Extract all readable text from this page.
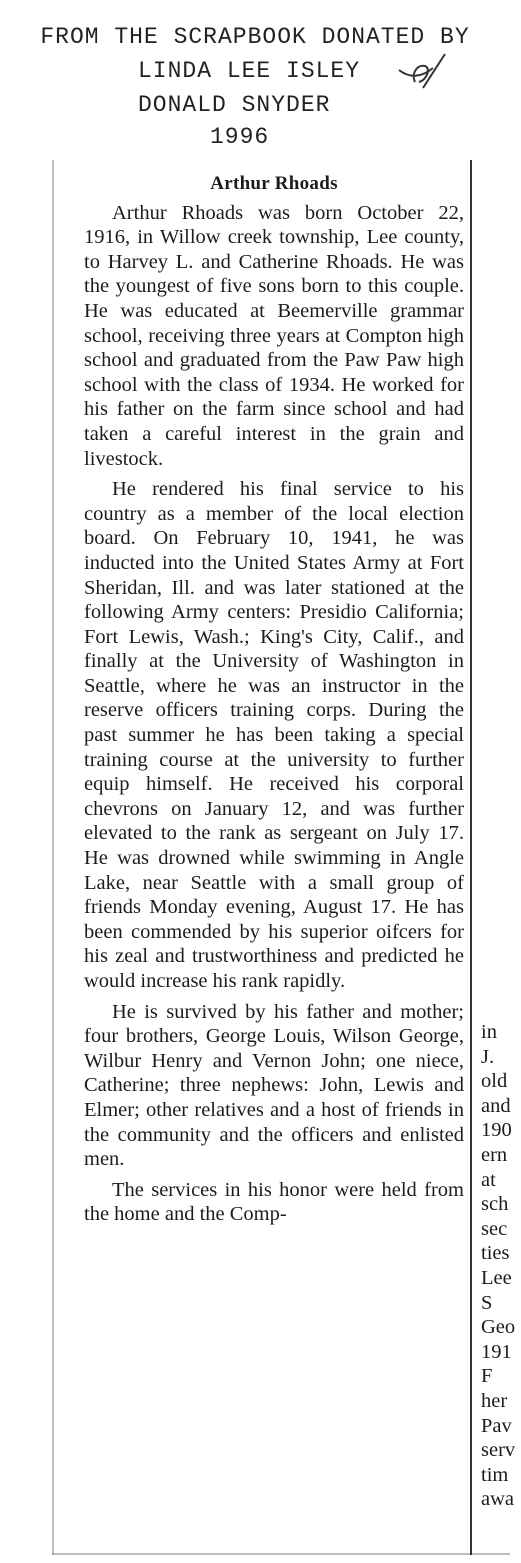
FROM THE SCRAPBOOK DONATED BY
LINDA LEE ISLEY
DONALD SNYDER
1996
Arthur Rhoads

Arthur Rhoads was born October 22, 1916, in Willow creek township, Lee county, to Harvey L. and Catherine Rhoads. He was the youngest of five sons born to this couple. He was educated at Beemerville grammar school, receiving three years at Compton high school and graduated from the Paw Paw high school with the class of 1934. He worked for his father on the farm since school and had taken a careful interest in the grain and livestock.

He rendered his final service to his country as a member of the local election board. On February 10, 1941, he was inducted into the United States Army at Fort Sheridan, Ill. and was later stationed at the following Army centers: Presidio California; Fort Lewis, Wash.; King's City, Calif., and finally at the University of Washington in Seattle, where he was an instructor in the reserve officers training corps. During the past summer he has been taking a special training course at the university to further equip himself. He received his corporal chevrons on January 12, and was further elevated to the rank as sergeant on July 17. He was drowned while swimming in Angle Lake, near Seattle with a small group of friends Monday evening, August 17. He has been commended by his superior oifcers for his zeal and trustworthiness and predicted he would increase his rank rapidly.

He is survived by his father and mother; four brothers, George Louis, Wilson George, Wilbur Henry and Vernon John; one niece, Catherine; three nephews: John, Lewis and Elmer; other relatives and a host of friends in the community and the officers and enlisted men.

The services in his honor were held from the home and the Comp-

in
J.
old
and
190
ern
at
sch
sec
ties
Lee
S
Geo
191
F
her
Pav
serv
tim
awa
